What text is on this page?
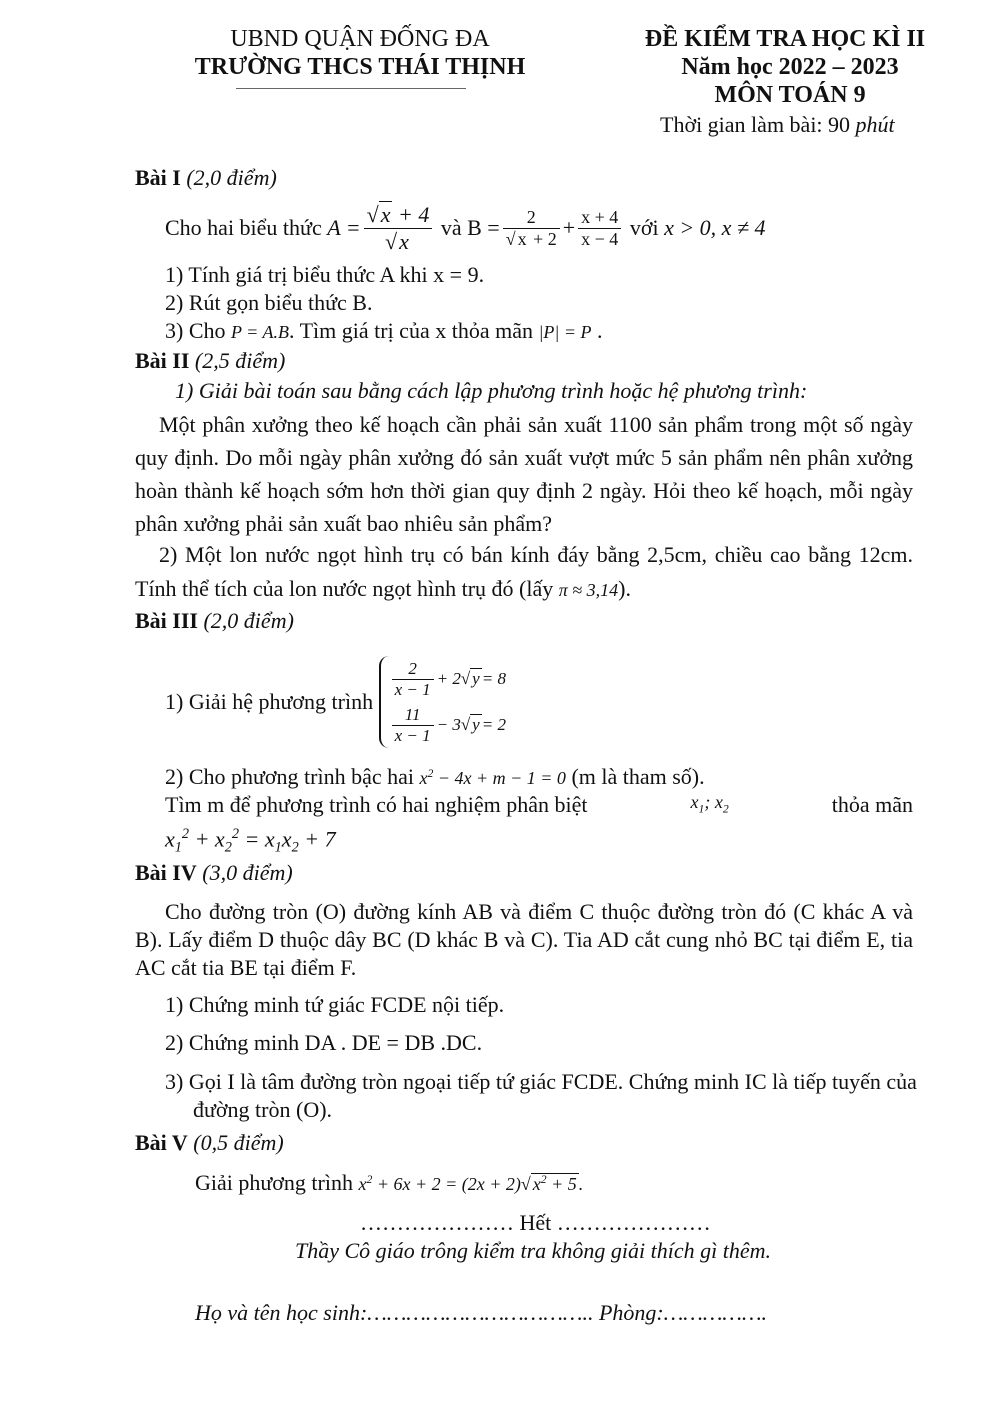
UBND QUẬN ĐỐNG ĐA
TRƯỜNG THCS THÁI THỊNH
ĐỀ KIỂM TRA HỌC KÌ II
Năm học 2022 – 2023
MÔN TOÁN 9
Thời gian làm bài: 90 phút
Bài I (2,0 điểm)
Cho hai biểu thức
$A = \frac{√x + 4}{√x}$
và
$B = \frac{2}{√ x + 2} + \frac{x + 4}{x - 4}$
với
x > 0, x ≠ 4
1) Tính giá trị biểu thức A khi x = 9.
2) Rút gọn biểu thức B.
3) Cho P = A.B. Tìm giá trị của x thỏa mãn |P| = P .
Bài II (2,5 điểm)
1) Giải bài toán sau bằng cách lập phương trình hoặc hệ phương trình:
Một phân xưởng theo kế hoạch cần phải sản xuất 1100 sản phẩm trong một số ngày quy định. Do mỗi ngày phân xưởng đó sản xuất vượt mức 5 sản phẩm nên phân xưởng hoàn thành kế hoạch sớm hơn thời gian quy định 2 ngày. Hỏi theo kế hoạch, mỗi ngày phân xưởng phải sản xuất bao nhiêu sản phẩm?
2) Một lon nước ngọt hình trụ có bán kính đáy bằng 2,5cm, chiều cao bằng 12cm. Tính thể tích của lon nước ngọt hình trụ đó (lấy π ≈ 3,14).
Bài III (2,0 điểm)
1) Giải hệ phương trình

$\frac{2}{x - 1} + 2√$ y = 8
$\frac{11}{x - 1} - 3√$ y = 2
2) Cho phương trình bậc hai $x^2 - 4x + m - 1 = 0$ (m là tham số).
Tìm m để phương trình có hai nghiệm phân biệt	$x_1$; $x_2$	thỏa mãn
$x_1^2 + x_2^2 = x_1x_2 + 7$
Bài IV (3,0 điểm)
Cho đường tròn (O) đường kính AB và điểm C thuộc đường tròn đó (C khác A và B). Lấy điểm D thuộc dây BC (D khác B và C). Tia AD cắt cung nhỏ BC tại điểm E, tia AC cắt tia BE tại điểm F.
1) Chứng minh tứ giác FCDE nội tiếp.
2) Chứng minh DA . DE = DB .DC.
3) Gọi I là tâm đường tròn ngoại tiếp tứ giác FCDE. Chứng minh IC là tiếp tuyến của đường tròn (O).
Bài V (0,5 điểm)
Giải phương trình $x^2 + 6x + 2 = (2x + 2)√$ $x^2 + 5$ .
………………… Hết …………………
Thầy Cô giáo trông kiểm tra không giải thích gì thêm.
Họ và tên học sinh:…………………………….. Phòng:…………….
